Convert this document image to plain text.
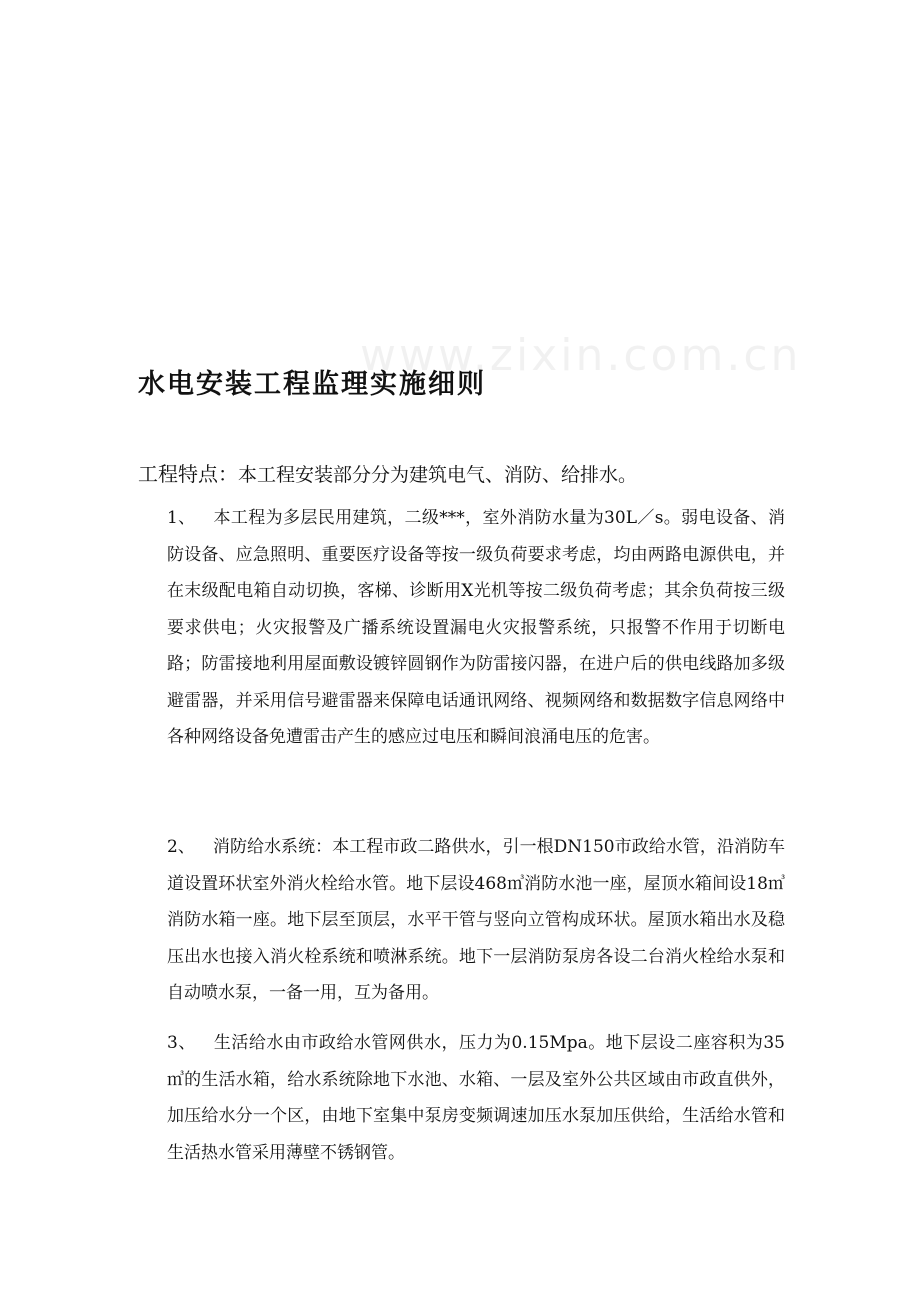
www.zixin.com.cn
水电安装工程监理实施细则

工程特点：本工程安装部分分为建筑电气、消防、给排水。

1、 本工程为多层民用建筑，二级***，室外消防水量为30L／s。弱电设备、消防设备、应急照明、重要医疗设备等按一级负荷要求考虑，均由两路电源供电，并在末级配电箱自动切换，客梯、诊断用X光机等按二级负荷考虑；其余负荷按三级要求供电；火灾报警及广播系统设置漏电火灾报警系统，只报警不作用于切断电路；防雷接地利用屋面敷设镀锌圆钢作为防雷接闪器，在进户后的供电线路加多级避雷器，并采用信号避雷器来保障电话通讯网络、视频网络和数据数字信息网络中各种网络设备免遭雷击产生的感应过电压和瞬间浪涌电压的危害。

2、 消防给水系统：本工程市政二路供水，引一根DN150市政给水管，沿消防车道设置环状室外消火栓给水管。地下层设468㎥消防水池一座，屋顶水箱间设18㎥消防水箱一座。地下层至顶层，水平干管与竖向立管构成环状。屋顶水箱出水及稳压出水也接入消火栓系统和喷淋系统。地下一层消防泵房各设二台消火栓给水泵和自动喷水泵，一备一用，互为备用。

3、 生活给水由市政给水管网供水，压力为0.15Mpa。地下层设二座容积为35㎥的生活水箱，给水系统除地下水池、水箱、一层及室外公共区域由市政直供外，加压给水分一个区，由地下室集中泵房变频调速加压水泵加压供给，生活给水管和生活热水管采用薄壁不锈钢管。
